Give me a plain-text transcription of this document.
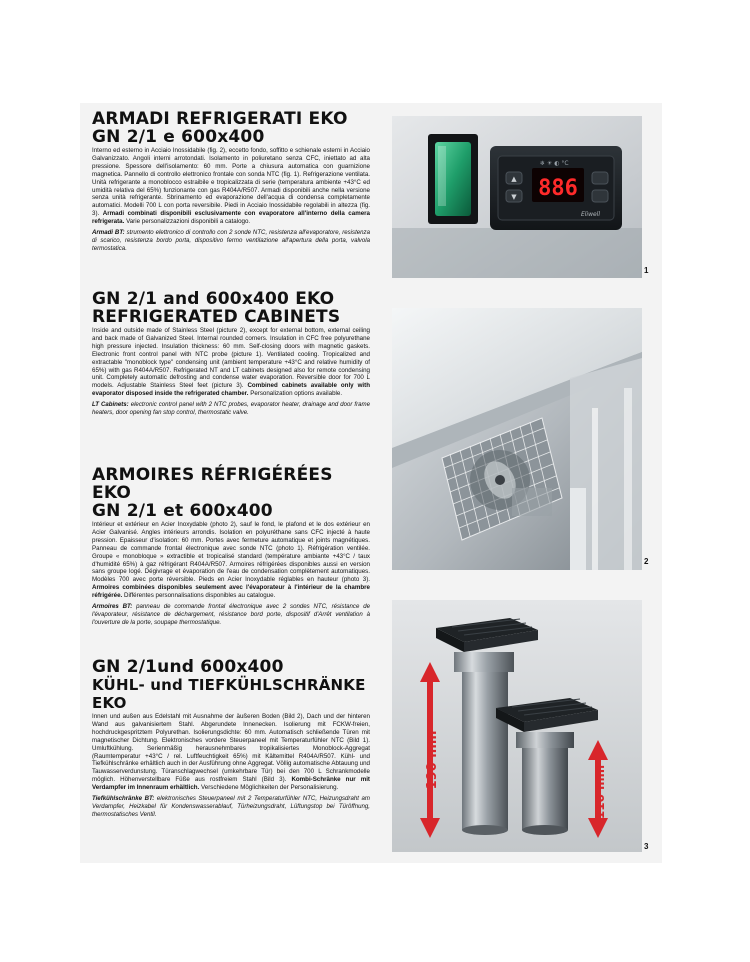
ARMADI REFRIGERATI EKO
GN 2/1 e 600x400

Interno ed esterno in Acciaio Inossidabile (fig. 2), eccetto fondo, soffitto e schienale esterni in Acciaio Galvanizzato. Angoli interni arrotondati. Isolamento in poliuretano senza CFC, iniettato ad alta pressione. Spessore dell'isolamento: 60 mm. Porte a chiusura automatica con guarnizione magnetica. Pannello di controllo elettronico frontale con sonda NTC (fig. 1). Refrigerazione ventilata. Unità refrigerante a monoblocco estraibile e tropicalizzata di serie (temperatura ambiente +43°C ed umidità relativa del 65%) funzionante con gas R404A/R507. Armadi disponibili anche nella versione senza unità refrigerante. Sbrinamento ed evaporazione dell'acqua di condensa completamente automatici. Modelli 700 L con porta reversibile. Piedi in Acciaio Inossidabile regolabili in altezza (fig. 3). Armadi combinati disponibili esclusivamente con evaporatore all'interno della camera refrigerata. Varie personalizzazioni disponibili a catalogo.

Armadi BT: strumento elettronico di controllo con 2 sonde NTC, resistenza all'evaporatore, resistenza di scarico, resistenza bordo porta, dispositivo fermo ventilazione all'apertura della porta, valvola termostatica.

GN 2/1 and 600x400 EKO
REFRIGERATED CABINETS

Inside and outside made of Stainless Steel (picture 2), except for external bottom, external ceiling and back made of Galvanized Steel. Internal rounded corners. Insulation in CFC free polyurethane high pressure injected. Insulation thickness: 60 mm. Self-closing doors with magnetic gaskets. Electronic front control panel with NTC probe (picture 1). Ventilated cooling. Tropicalized and extractable "monoblock type" condensing unit (ambient temperature +43°C and relative humidity of 65%) with gas R404A/R507. Refrigerated NT and LT cabinets designed also for remote condensing unit. Completely automatic defrosting and condense water evaporation. Reversible door for 700 L models. Adjustable Stainless Steel feet (picture 3). Combined cabinets available only with evaporator disposed inside the refrigerated chamber. Personalization options available.

LT Cabinets: electronic control panel with 2 NTC probes, evaporator heater, drainage and door frame heaters, door opening fan stop control, thermostatic valve.

ARMOIRES RÉFRIGÉRÉES EKO
GN 2/1 et 600x400

Intérieur et extérieur en Acier Inoxydable (photo 2), sauf le fond, le plafond et le dos extérieur en Acier Galvanisé. Angles intérieurs arrondis. Isolation en polyuréthane sans CFC injecté à haute pression. Epaisseur d'isolation: 60 mm. Portes avec fermeture automatique et joints magnétiques. Panneau de commande frontal électronique avec sonde NTC (photo 1). Réfrigération ventilée. Groupe « monobloque » extractible et tropicalisé standard (température ambiante +43°C / taux d'humidité 65%) à gaz réfrigérant R404A/R507. Armoires réfrigérées disponibles aussi en version sans groupe logé. Dégivrage et évaporation de l'eau de condensation complètement automatiques. Modèles 700 avec porte réversible. Pieds en Acier Inoxydable réglables en hauteur (photo 3). Armoires combinées disponibles seulement avec l'évaporateur à l'intérieur de la chambre réfrigérée. Différentes personnalisations disponibles au catalogue.

Armoires BT: panneau de commande frontal électronique avec 2 sondes NTC, résistance de l'évaporateur, résistance de déchargement, résistance bord porte, dispositif d'Arrêt ventilation à l'ouverture de la porte, soupape thermostatique.

GN 2/1und 600x400
KÜHL- und TIEFKÜHLSCHRÄNKE EKO

Innen und außen aus Edelstahl mit Ausnahme der äußeren Boden (Bild 2), Dach und der hinteren Wand aus galvanisiertem Stahl. Abgerundete Innenecken. Isolierung mit FCKW-freien, hochdruckgespritztem Polyurethan. Isolierungsdichte: 60 mm. Automatisch schließende Türen mit magnetischer Dichtung. Elektronisches vordere Steuerpaneel mit Temperaturfühler NTC (Bild 1). Umluftkühlung. Serienmäßig herausnehmbares tropikalisiertes Monoblock-Aggregat (Raumtemperatur +43°C / rel. Luftfeuchtigkeit 65%) mit Kältemittel R404A/R507. Kühl- und Tiefkühlschränke erhältlich auch in der Ausführung ohne Aggregat. Völlig automatische Abtauung und Tauwasserverdunstung. Türanschlagwechsel (umkehrbare Tür) bei den 700 L Schrankmodelle möglich. Höhenverstellbare Füße aus rostfreiem Stahl (Bild 3). Kombi-Schränke nur mit Verdampfer im Innenraum erhältlich. Verschiedene Möglichkeiten der Personalisierung.

Tiefkühlschränke BT: elektronisches Steuerpaneel mit 2 Temperaturfühler NTC, Heizungsdraht am Verdampfer, Heizkabel für Kondenswasserablauf, Türheizungsdraht, Lüftungstop bei Türöffnung, thermostatisches Ventil.

886
▲
▼
❄ ☀ ◐ °C
Eliwell
1
2
190 mm
110 mm
3
